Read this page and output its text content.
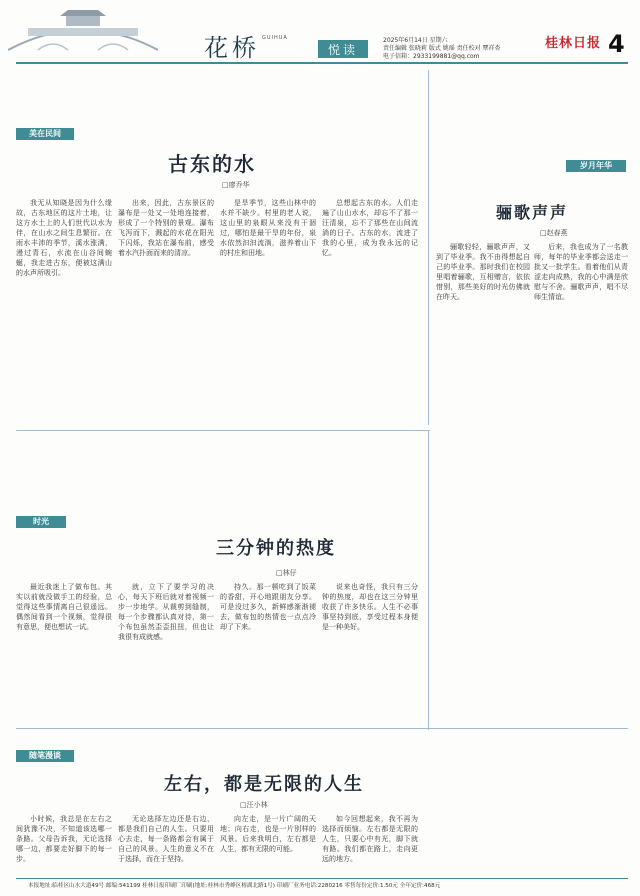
花桥 GUIHUA
悦读
2025年6月14日 星期六
责任编辑 张晓莉 版式 姚瑶 责任校对 覃祥杏
电子信箱：2933199881@qq.com
桂林日报 4
美在民间
古东的水
□廖乔华
我无从知晓是因为什么缘故，古东地区的这片土地，让这方水土上的人们世代以水为伴，在山水之间生息繁衍。在雨水丰沛的季节，溪水涨满，漫过青石，水流在山谷间蜿蜒，我走进古东，便被这满山的水声所吸引。
出来，因此，古东景区的瀑布是一处又一处地连接着，形成了一个特别的景观。瀑布飞泻而下，溅起的水花在阳光下闪烁，我站在瀑布前，感受着水汽扑面而来的清凉。
是旱季节，这些山林中的水并不缺少。村里的老人说，这山里的泉眼从来没有干涸过，哪怕是最干旱的年份，泉水依然汩汩流淌，滋养着山下的村庄和田地。
总想起古东的水。人们走遍了山山水水，却忘不了那一汪清泉，忘不了那些在山间流淌的日子。古东的水，流进了我的心里，成为我永远的记忆。
岁月年华
骊歌声声
□赵春燕
骊歌轻轻，骊歌声声，又到了毕业季。我不由得想起自己的毕业季。那时我们在校园里唱着骊歌，互相赠言，依依惜别，那些美好的时光仿佛就在昨天。
后来，我也成为了一名教师，每年的毕业季都会送走一批又一批学生。看着他们从青涩走向成熟，我的心中满是欣慰与不舍。骊歌声声，唱不尽师生情谊。
时光
三分钟的热度
□林仔
最近我迷上了做布包。其实以前就没做手工的经验，总觉得这些事情离自己很遥远。偶然间看到一个视频，觉得很有意思，便也想试一试。
就，立下了要学习的决心，每天下班后就对着视频一步一步地学。从裁剪到缝制，每一个步骤都认真对待，第一个布包虽然歪歪扭扭，但也让我很有成就感。
持久。那一顿吃到了饭菜的香甜，开心地跟朋友分享。可是没过多久，新鲜感渐渐褪去，做布包的热情也一点点冷却了下来。
说来也奇怪，我只有三分钟的热度，却也在这三分钟里收获了许多快乐。人生不必事事坚持到底，享受过程本身便是一种美好。
随笔漫谈
左右，都是无限的人生
□汪小林
小时候，我总是在左右之间犹豫不决，不知道该选哪一条路。父母告诉我，无论选择哪一边，都要走好脚下的每一步。
无论选择左边还是右边，都是我们自己的人生。只要用心去走，每一条路都会有属于自己的风景。人生的意义不在于选择，而在于坚持。
向左走，是一片广阔的天地；向右走，也是一片别样的风景。后来我明白，左右都是人生，都有无限的可能。
如今回想起来，我不再为选择而烦恼。左右都是无限的人生，只要心中有光，脚下就有路。我们都在路上，走向更远的地方。
本报地址:临桂区山水大道49号 邮编:541199 桂林日报印刷厂印刷(地址:桂林市秀峰区榕湖北路1号) 印刷厂业务电话:2280216 零售每份定价:1.50元 全年定价:468元
